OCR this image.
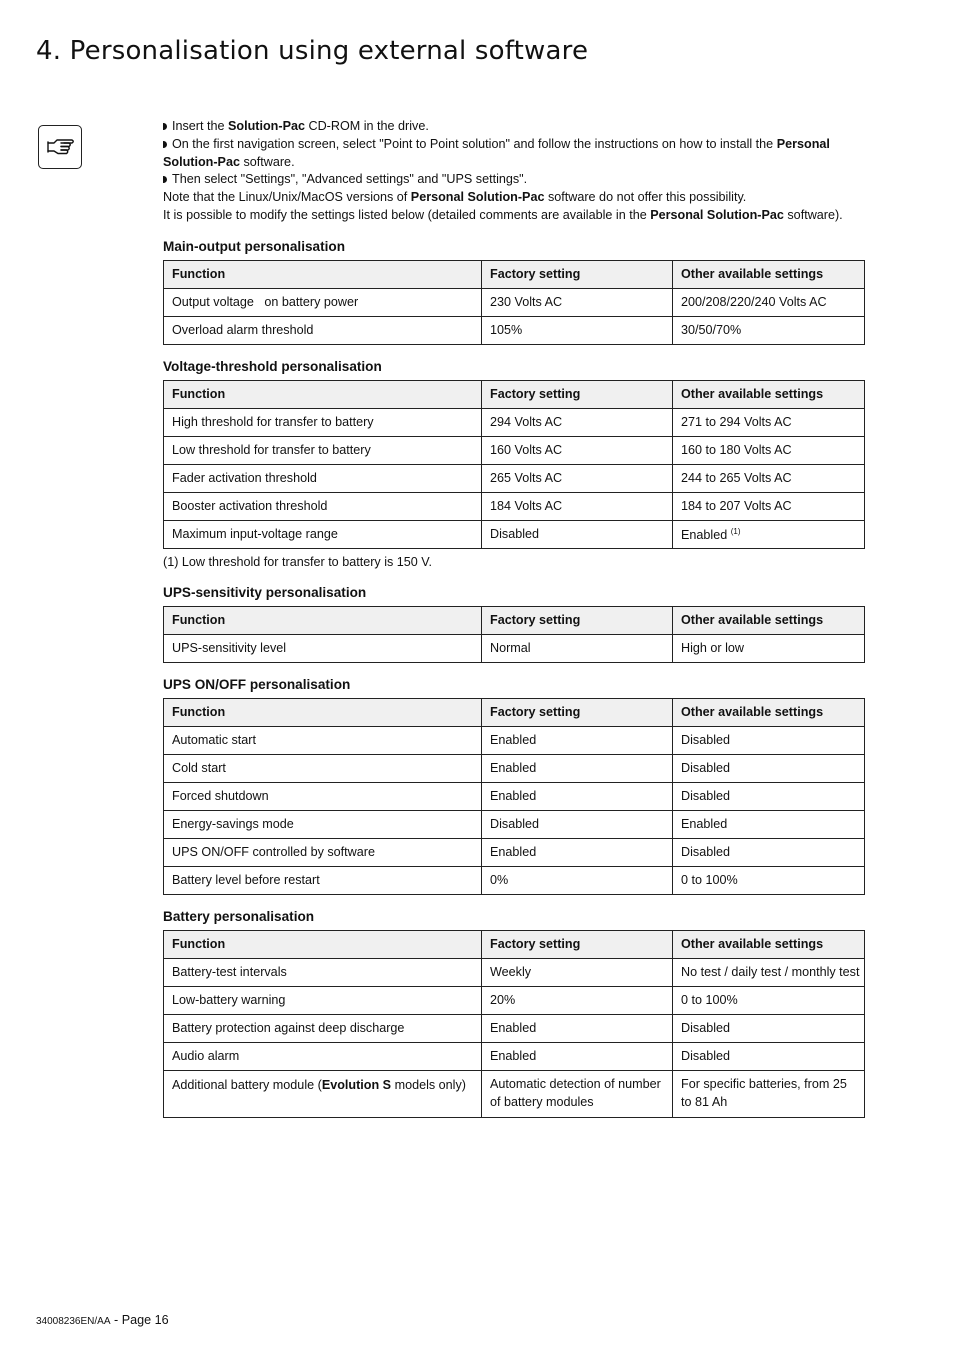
4. Personalisation using external software

Insert the Solution-Pac CD-ROM in the drive.

On the first navigation screen, select "Point to Point solution" and follow the instructions on how to install the Personal Solution-Pac software.

Then select "Settings", "Advanced settings" and "UPS settings".

Note that the Linux/Unix/MacOS versions of Personal Solution-Pac software do not offer this possibility.

It is possible to modify the settings listed below (detailed comments are available in the Personal Solution-Pac software).

Main-output personalisation
Function	Factory setting	Other available settings
Output voltage   on battery power	230 Volts AC	200/208/220/240 Volts AC
Overload alarm threshold	105%	30/50/70%
Voltage-threshold personalisation
Function	Factory setting	Other available settings
High threshold for transfer to battery	294 Volts AC	271 to 294 Volts AC
Low threshold for transfer to battery	160 Volts AC	160 to 180 Volts AC
Fader activation threshold	265 Volts AC	244 to 265 Volts AC
Booster activation threshold	184 Volts AC	184 to 207 Volts AC
Maximum input-voltage range	Disabled	Enabled $^{(1)}$

(1) Low threshold for transfer to battery is 150 V.

UPS-sensitivity personalisation
Function	Factory setting	Other available settings
UPS-sensitivity level	Normal	High or low
UPS ON/OFF personalisation
Function	Factory setting	Other available settings
Automatic start	Enabled	Disabled
Cold start	Enabled	Disabled
Forced shutdown	Enabled	Disabled
Energy-savings mode	Disabled	Enabled
UPS ON/OFF controlled by software	Enabled	Disabled
Battery level before restart	0%	0 to 100%
Battery personalisation
Function	Factory setting	Other available settings
Battery-test intervals	Weekly	No test / daily test / monthly test
Low-battery warning	20%	0 to 100%
Battery protection against deep discharge	Enabled	Disabled
Audio alarm	Enabled	Disabled
Additional battery module (Evolution S models only)	Automatic detection of number of battery modules	For specific batteries, from 25 to 81 Ah
34008236EN/AA - Page 16
